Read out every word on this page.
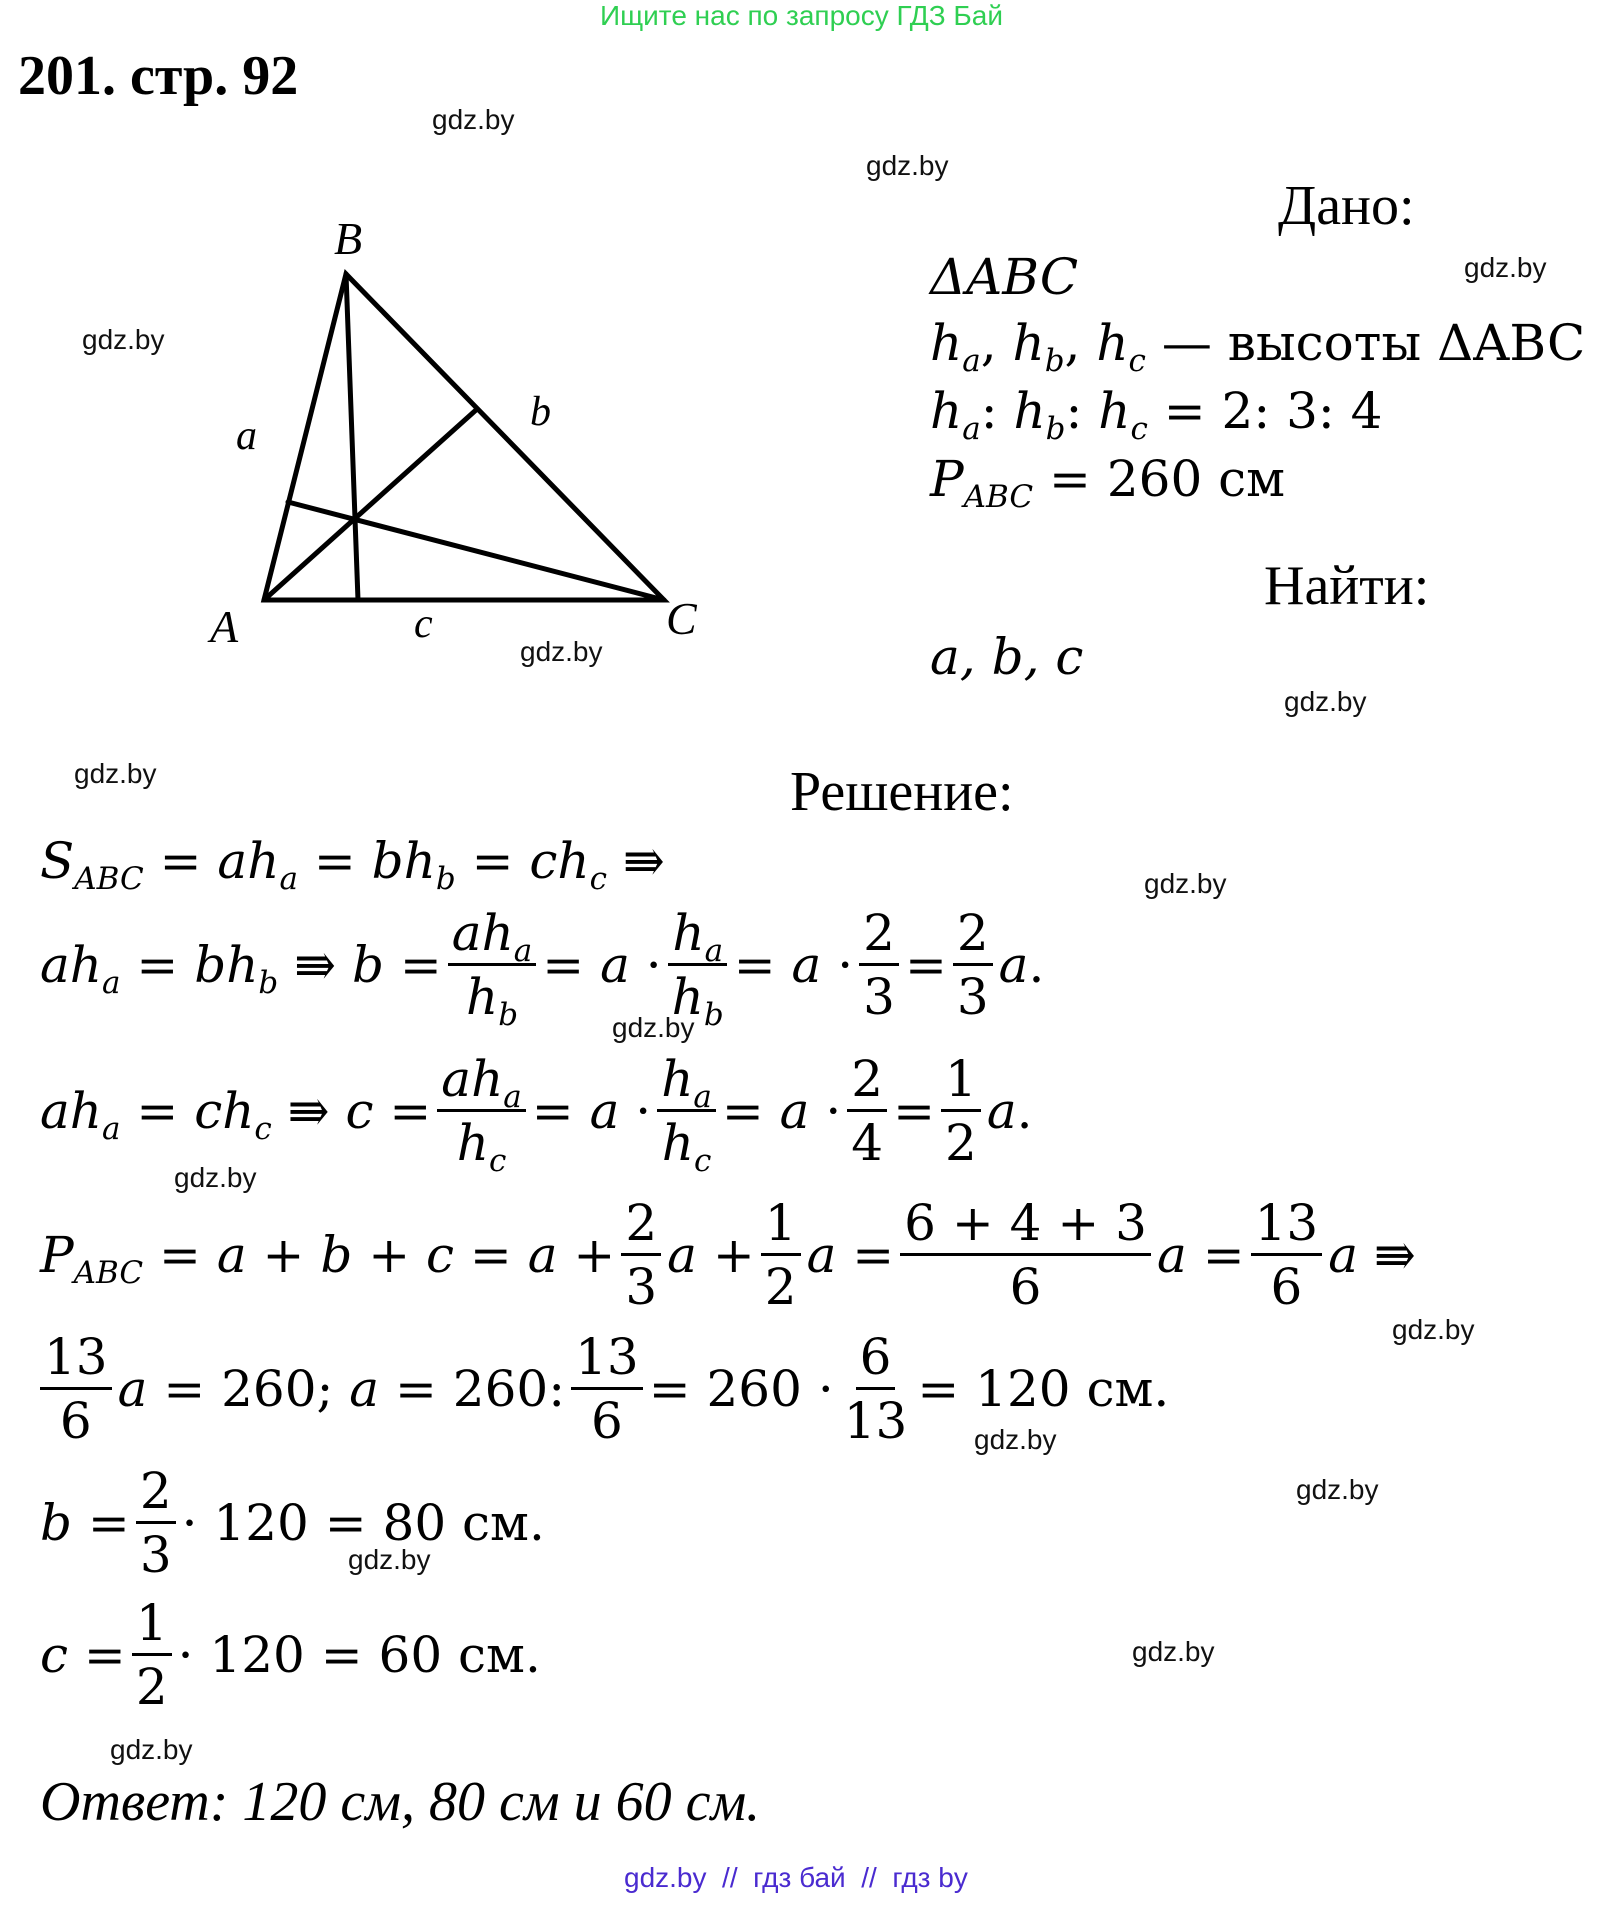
Ищите нас по запросу ГДЗ Бай
201. стр. 92
gdz.by
gdz.by
gdz.by
gdz.by
gdz.by
gdz.by
gdz.by
gdz.by
gdz.by
gdz.by
gdz.by
gdz.by
gdz.by
gdz.by
gdz.by
gdz.by
B
A	C
a
b
c
Дано:
ΔABC
$h_a$, $h_b$, $h_c$ — высоты ΔABC
$h_a$: $h_b$: $h_c = 2$: 3: 4
$P_{ABC} = 260$ см
Найти:
a, b, c
Решение:
$S_{ABC} = ah_a = bh_b = ch_c$ ⇛
$ah_a = bh_b$ ⇛ $b = \frac{ah_a}{h_b} = a \cdot \frac{h_a}{h_b} = a \cdot \frac{2}{3} = \frac{2}{3} a$.
$ah_a = ch_c$ ⇛ $c = \frac{ah_a}{h_c} = a \cdot \frac{h_a}{h_c} = a \cdot \frac{2}{4} = \frac{1}{2} a$.
$P_{ABC} = a + b + c = a + \frac{2}{3}$ $a + \frac{1}{2}$ $a = \frac{6 + 4 + 3}{6}$ $a = \frac{13}{6}$ a ⇛
$\frac{13}{6}$ a = 260; a = 260: $\frac{13}{6} = 260 \cdot \frac{6}{13} = 120$ см.
$b = \frac{2}{3} \cdot 120 = 80$ см.
$c = \frac{1}{2} \cdot 120 = 60$ см.
Ответ: 120 см, 80 см и 60 см.
gdz.by  //  гдз бай  //  гдз by
